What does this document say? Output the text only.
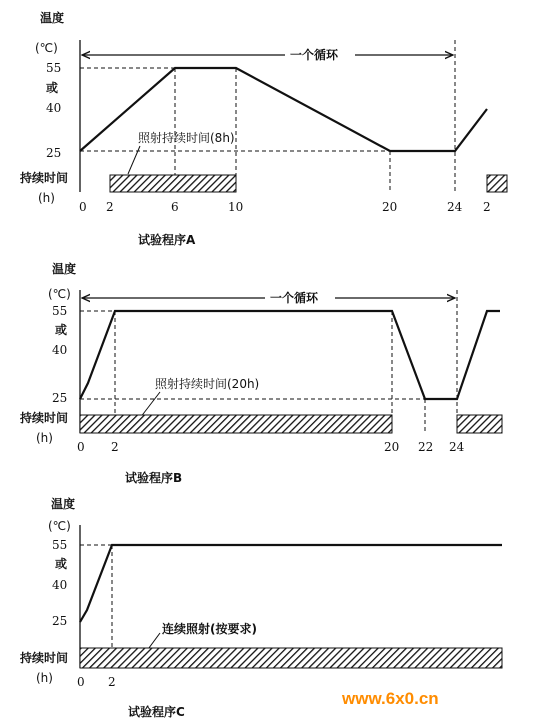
温度
(℃)
55
或
40
25
持续时间
(h)
一个循环
照射持续时间(8h)
0 2	6	10	20	24 2
试验程序A
温度
(℃)
55
或
40
25
持续时间
(h)
一个循环
照射持续时间(20h)
0 2	20 22 24
试验程序B
温度
(℃)
55
或
40
25
持续时间
(h)
连续照射(按要求)
0 2
试验程序C
www.6x0.cn
